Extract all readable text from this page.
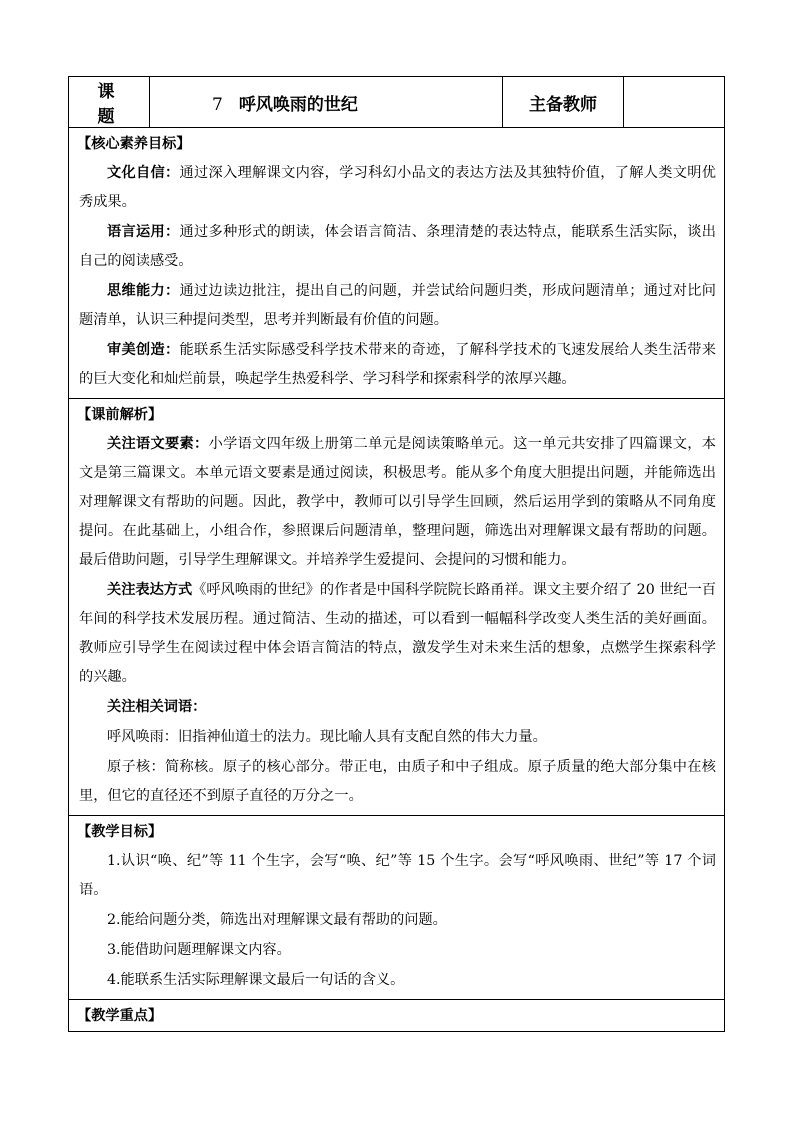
课 题	7 呼风唤雨的世纪	主备教师	

【核心素养目标】

文化自信：通过深入理解课文内容，学习科幻小品文的表达方法及其独特价值，了解人类文明优秀成果。

语言运用：通过多种形式的朗读，体会语言简洁、条理清楚的表达特点，能联系生活实际，谈出自己的阅读感受。

思维能力：通过边读边批注，提出自己的问题，并尝试给问题归类，形成问题清单；通过对比问题清单，认识三种提问类型，思考并判断最有价值的问题。

审美创造：能联系生活实际感受科学技术带来的奇迹，了解科学技术的飞速发展给人类生活带来的巨大变化和灿烂前景，唤起学生热爱科学、学习科学和探索科学的浓厚兴趣。

【课前解析】

关注语文要素：小学语文四年级上册第二单元是阅读策略单元。这一单元共安排了四篇课文，本文是第三篇课文。本单元语文要素是通过阅读，积极思考。能从多个角度大胆提出问题，并能筛选出对理解课文有帮助的问题。因此，教学中，教师可以引导学生回顾，然后运用学到的策略从不同角度提问。在此基础上，小组合作，参照课后问题清单，整理问题，筛选出对理解课文最有帮助的问题。最后借助问题，引导学生理解课文。并培养学生爱提问、会提问的习惯和能力。

关注表达方式《呼风唤雨的世纪》的作者是中国科学院院长路甬祥。课文主要介绍了 20 世纪一百年间的科学技术发展历程。通过简洁、生动的描述，可以看到一幅幅科学改变人类生活的美好画面。教师应引导学生在阅读过程中体会语言简洁的特点，激发学生对未来生活的想象，点燃学生探索科学的兴趣。

关注相关词语：

呼风唤雨：旧指神仙道士的法力。现比喻人具有支配自然的伟大力量。

原子核：简称核。原子的核心部分。带正电，由质子和中子组成。原子质量的绝大部分集中在核里，但它的直径还不到原子直径的万分之一。

【教学目标】

1.认识“唤、纪”等 11 个生字，会写“唤、纪”等 15 个生字。会写“呼风唤雨、世纪”等 17 个词语。

2.能给问题分类，筛选出对理解课文最有帮助的问题。

3.能借助问题理解课文内容。

4.能联系生活实际理解课文最后一句话的含义。

【教学重点】
